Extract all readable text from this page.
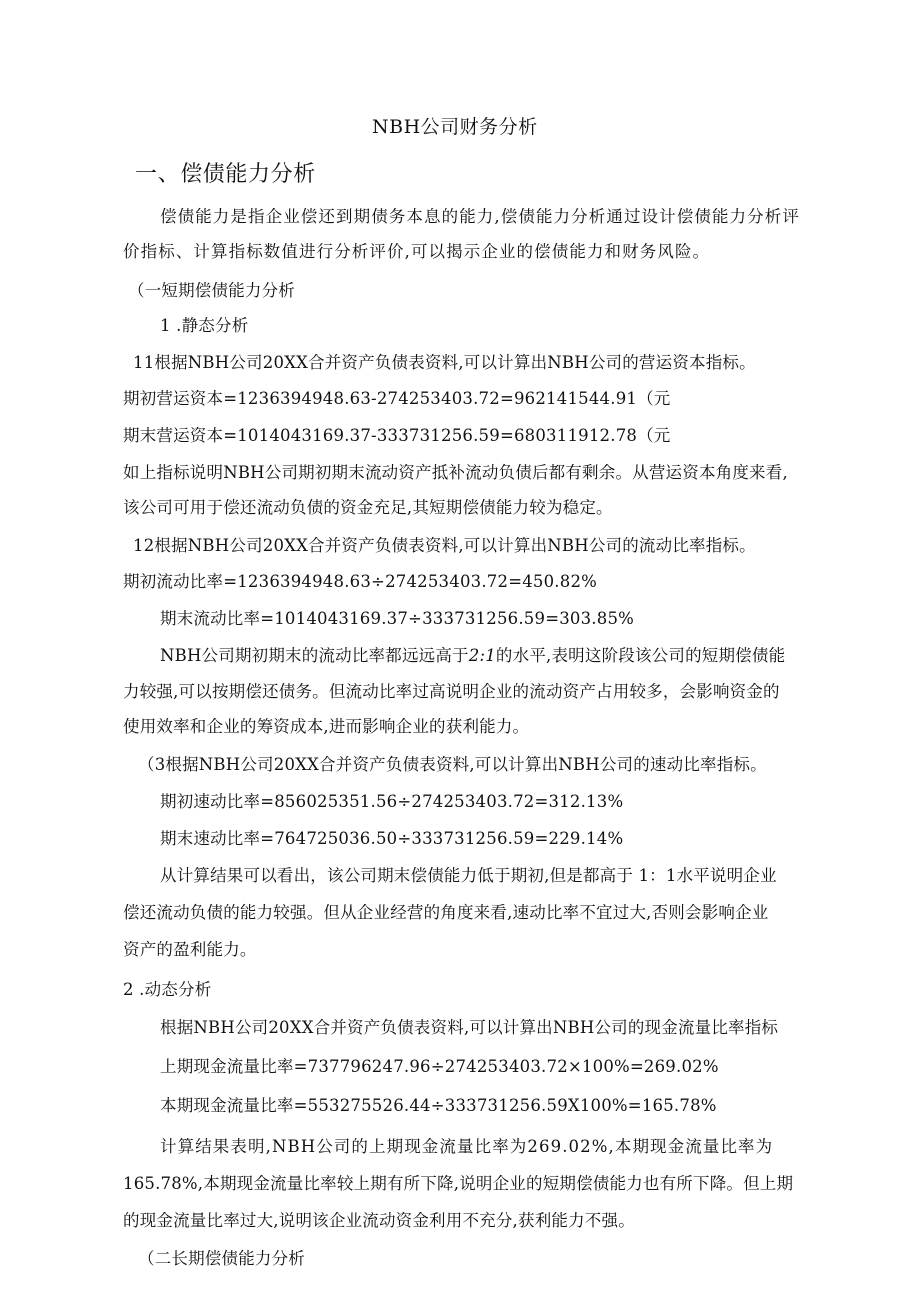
NBH公司财务分析
一、偿债能力分析
偿债能力是指企业偿还到期债务本息的能力,偿债能力分析通过设计偿债能力分析评
价指标、计算指标数值进行分析评价,可以揭示企业的偿债能力和财务风险。
（一短期偿债能力分析
1 .静态分析
11根据NBH公司20XX合并资产负债表资料,可以计算出NBH公司的营运资本指标。
期初营运资本=1236394948.63-274253403.72=962141544.91（元
期末营运资本=1014043169.37-333731256.59=680311912.78（元
如上指标说明NBH公司期初期末流动资产抵补流动负债后都有剩余。从营运资本角度来看,
该公司可用于偿还流动负债的资金充足,其短期偿债能力较为稳定。
12根据NBH公司20XX合并资产负债表资料,可以计算出NBH公司的流动比率指标。
期初流动比率=1236394948.63÷274253403.72=450.82%
期末流动比率=1014043169.37÷333731256.59=303.85%
NBH公司期初期末的流动比率都远远高于2:1的水平,表明这阶段该公司的短期偿债能
力较强,可以按期偿还债务。但流动比率过高说明企业的流动资产占用较多，会影响资金的
使用效率和企业的筹资成本,进而影响企业的获利能力。
（3根据NBH公司20XX合并资产负债表资料,可以计算出NBH公司的速动比率指标。
期初速动比率=856025351.56÷274253403.72=312.13%
期末速动比率=764725036.50÷333731256.59=229.14%
从计算结果可以看出，该公司期末偿债能力低于期初,但是都高于 1：1水平说明企业
偿还流动负债的能力较强。但从企业经营的角度来看,速动比率不宜过大,否则会影响企业
资产的盈利能力。
2 .动态分析
根据NBH公司20XX合并资产负债表资料,可以计算出NBH公司的现金流量比率指标
上期现金流量比率=737796247.96÷274253403.72×100%=269.02%
本期现金流量比率=553275526.44÷333731256.59X100%=165.78%
计算结果表明,NBH公司的上期现金流量比率为269.02%,本期现金流量比率为
165.78%,本期现金流量比率较上期有所下降,说明企业的短期偿债能力也有所下降。但上期
的现金流量比率过大,说明该企业流动资金利用不充分,获利能力不强。
（二长期偿债能力分析
